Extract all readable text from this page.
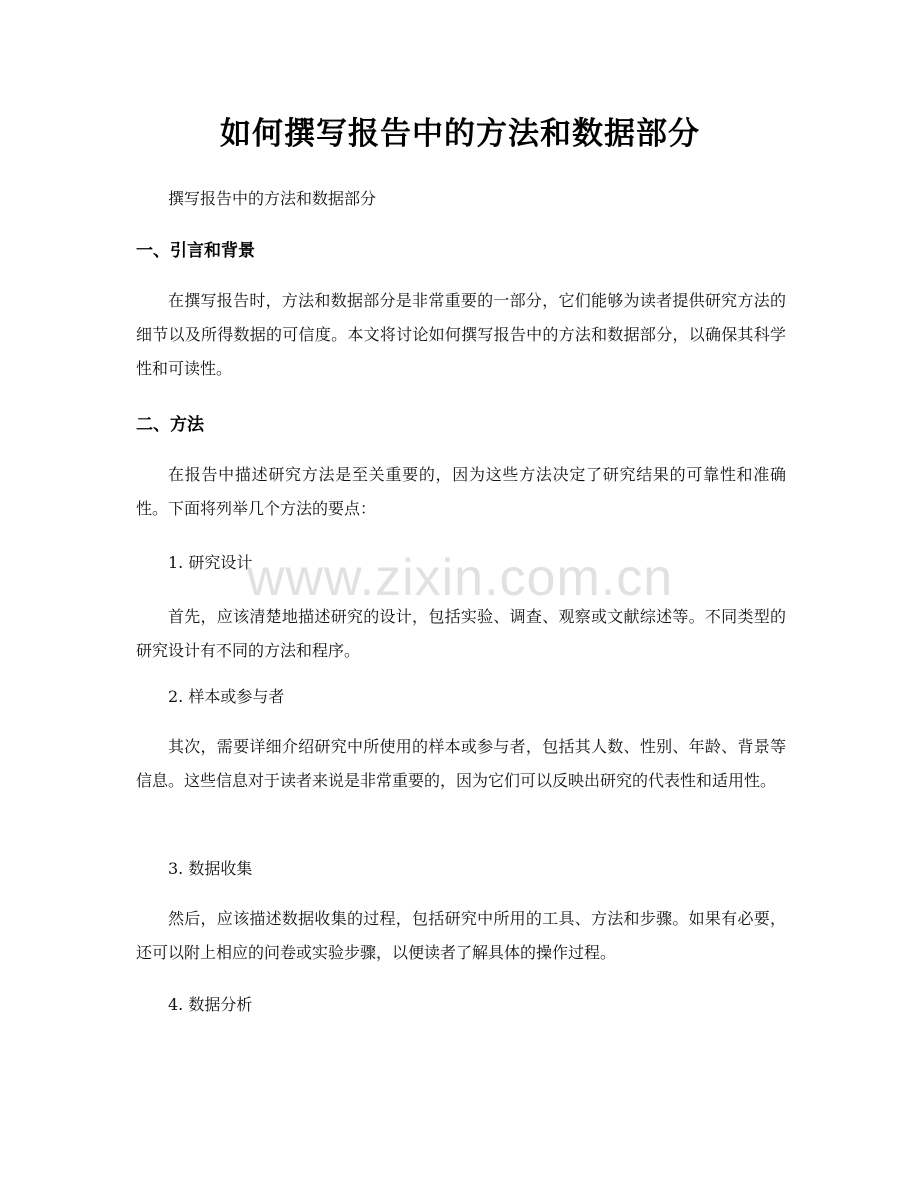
如何撰写报告中的方法和数据部分

撰写报告中的方法和数据部分

一、引言和背景

在撰写报告时，方法和数据部分是非常重要的一部分，它们能够为读者提供研究方法的细节以及所得数据的可信度。本文将讨论如何撰写报告中的方法和数据部分，以确保其科学性和可读性。

二、方法

在报告中描述研究方法是至关重要的，因为这些方法决定了研究结果的可靠性和准确性。下面将列举几个方法的要点：

1. 研究设计

首先，应该清楚地描述研究的设计，包括实验、调查、观察或文献综述等。不同类型的研究设计有不同的方法和程序。

2. 样本或参与者

其次，需要详细介绍研究中所使用的样本或参与者，包括其人数、性别、年龄、背景等信息。这些信息对于读者来说是非常重要的，因为它们可以反映出研究的代表性和适用性。

3. 数据收集

然后，应该描述数据收集的过程，包括研究中所用的工具、方法和步骤。如果有必要，还可以附上相应的问卷或实验步骤，以便读者了解具体的操作过程。

4. 数据分析

www.zixin.com.cn
